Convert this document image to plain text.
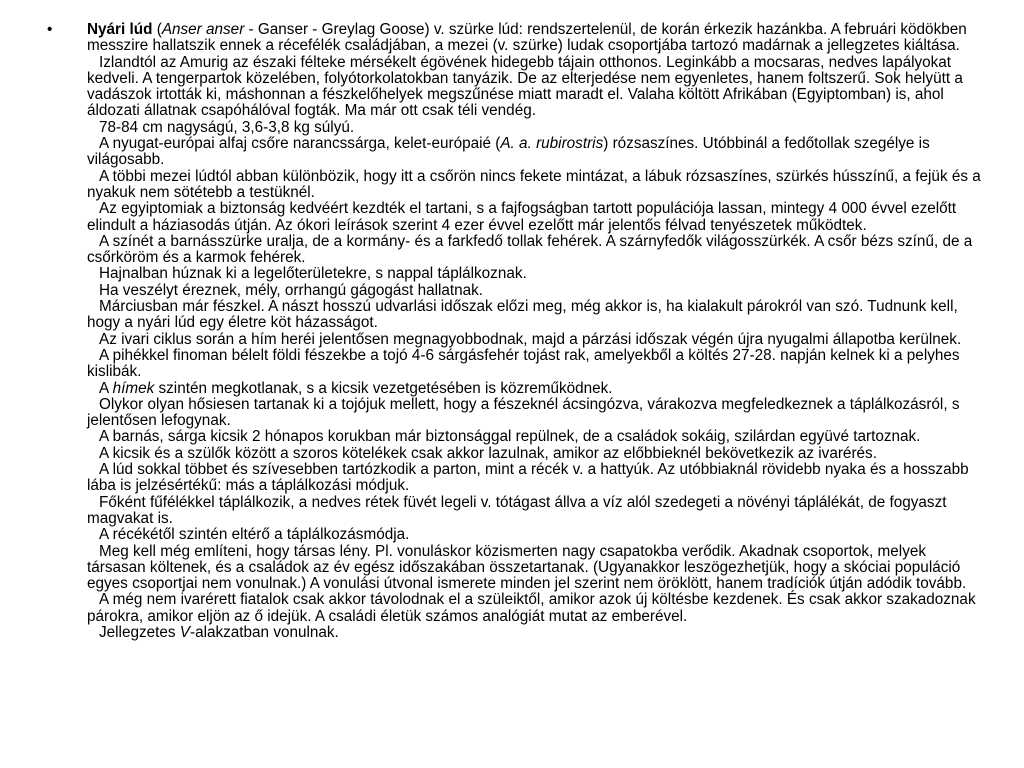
• Nyári lúd (Anser anser - Ganser - Greylag Goose) v. szürke lúd: rendszertelenül, de korán érkezik hazánkba. A februári ködökben messzire hallatszik ennek a récefélék családjában, a mezei (v. szürke) ludak csoportjába tartozó madárnak a jellegzetes kiáltása.

Izlandtól az Amurig az északi félteke mérsékelt égövének hidegebb tájain otthonos. Leginkább a mocsaras, nedves lapályokat kedveli. A tengerpartok közelében, folyótorkolatokban tanyázik. De az elterjedése nem egyenletes, hanem foltszerű. Sok helyütt a vadászok irtották ki, máshonnan a fészkelőhelyek megszűnése miatt maradt el. Valaha költött Afrikában (Egyiptomban) is, ahol áldozati állatnak csapóhálóval fogták. Ma már ott csak téli vendég.

78-84 cm nagyságú, 3,6-3,8 kg súlyú.

A nyugat-európai alfaj csőre narancssárga, kelet-európaié (A. a. rubirostris) rózsaszínes. Utóbbinál a fedőtollak szegélye is világosabb.

A többi mezei lúdtól abban különbözik, hogy itt a csőrön nincs fekete mintázat, a lábuk rózsaszínes, szürkés hússzínű, a fejük és a nyakuk nem sötétebb a testüknél.

Az egyiptomiak a biztonság kedvéért kezdték el tartani, s a fajfogságban tartott populációja lassan, mintegy 4 000 évvel ezelőtt elindult a háziasodás útján. Az ókori leírások szerint 4 ezer évvel ezelőtt már jelentős félvad tenyészetek működtek.

A színét a barnásszürke uralja, de a kormány- és a farkfedő tollak fehérek. A szárnyfedők világosszürkék. A csőr bézs színű, de a csőrköröm és a karmok fehérek.

Hajnalban húznak ki a legelőterületekre, s nappal táplálkoznak.

Ha veszélyt éreznek, mély, orrhangú gágogást hallatnak.

Márciusban már fészkel. A nászt hosszú udvarlási időszak előzi meg, még akkor is, ha kialakult párokról van szó. Tudnunk kell, hogy a nyári lúd egy életre köt házasságot.

Az ivari ciklus során a hím heréi jelentősen megnagyobbodnak, majd a párzási időszak végén újra nyugalmi állapotba kerülnek.

A pihékkel finoman bélelt földi fészekbe a tojó 4-6 sárgásfehér tojást rak, amelyekből a költés 27-28. napján kelnek ki a pelyhes kislibák.

A hímek szintén megkotlanak, s a kicsik vezetgetésében is közreműködnek.

Olykor olyan hősiesen tartanak ki a tojójuk mellett, hogy a fészeknél ácsingózva, várakozva megfeledkeznek a táplálkozásról, s jelentősen lefogynak.

A barnás, sárga kicsik 2 hónapos korukban már biztonsággal repülnek, de a családok sokáig, szilárdan együvé tartoznak.

A kicsik és a szülők között a szoros kötelékek csak akkor lazulnak, amikor az előbbieknél bekövetkezik az ivarérés.

A lúd sokkal többet és szívesebben tartózkodik a parton, mint a récék v. a hattyúk. Az utóbbiaknál rövidebb nyaka és a hosszabb lába is jelzésértékű: más a táplálkozási módjuk.

Főként fűfélékkel táplálkozik, a nedves rétek füvét legeli v. tótágast állva a víz alól szedegeti a növényi táplálékát, de fogyaszt magvakat is.

A récékétől szintén eltérő a táplálkozásmódja.

Meg kell még említeni, hogy társas lény. Pl. vonuláskor közismerten nagy csapatokba verődik. Akadnak csoportok, melyek társasan költenek, és a családok az év egész időszakában összetartanak. (Ugyanakkor leszögezhetjük, hogy a skóciai populáció egyes csoportjai nem vonulnak.) A vonulási útvonal ismerete minden jel szerint nem öröklött, hanem tradíciók útján adódik tovább.

A még nem ivarérett fiatalok csak akkor távolodnak el a szüleiktől, amikor azok új költésbe kezdenek. És csak akkor szakadoznak párokra, amikor eljön az ő idejük. A családi életük számos analógiát mutat az emberével.

Jellegzetes V-alakzatban vonulnak.
